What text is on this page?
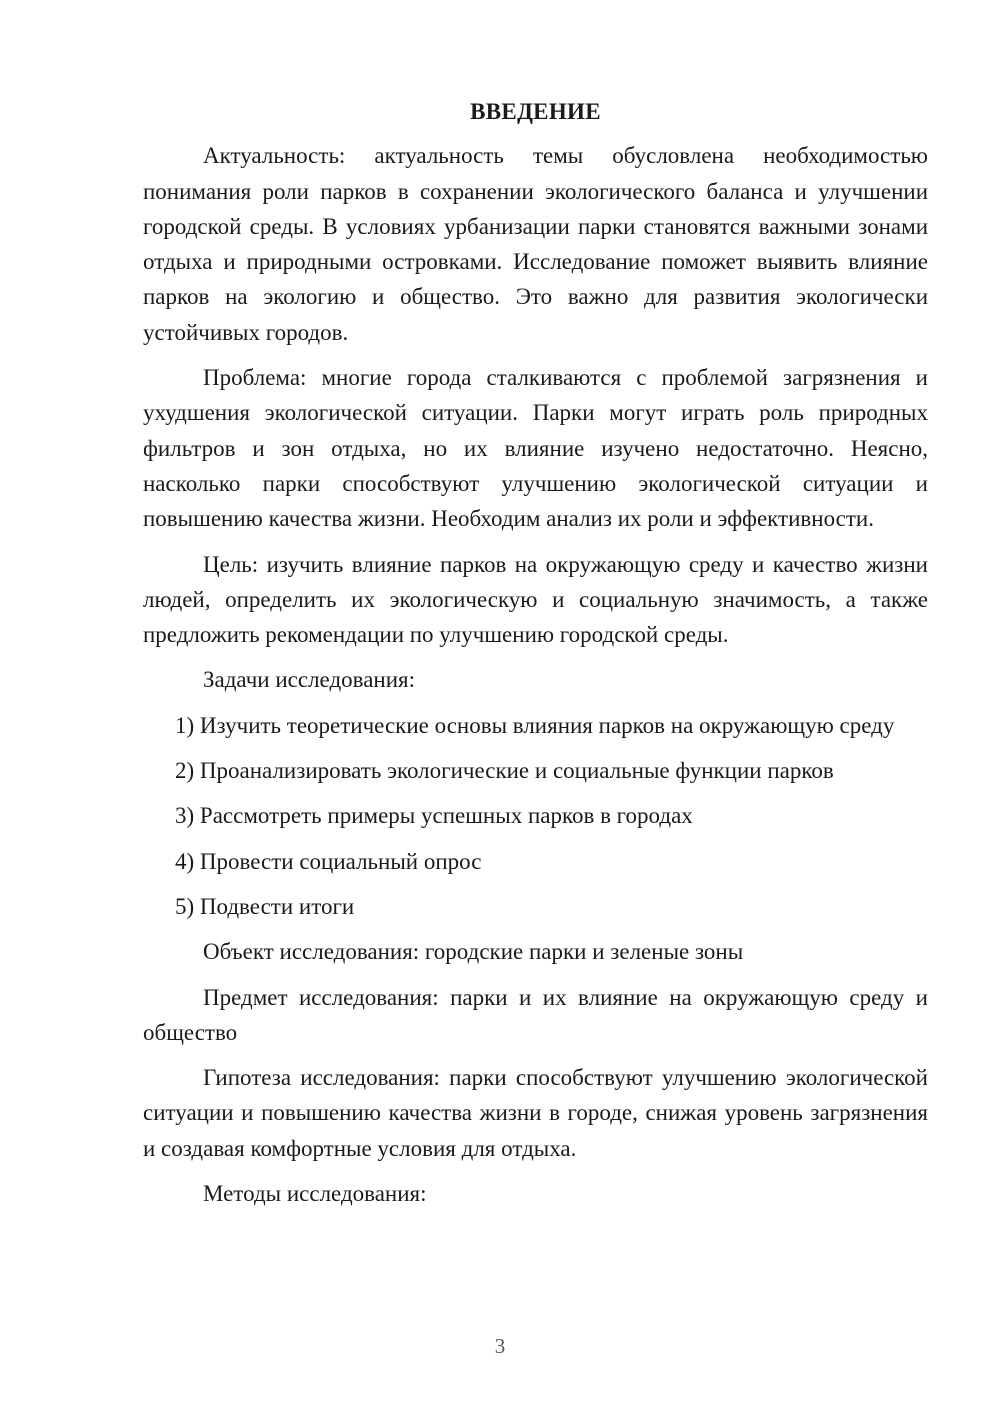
ВВЕДЕНИЕ

Актуальность: актуальность темы обусловлена необходимостью понимания роли парков в сохранении экологического баланса и улучшении городской среды. В условиях урбанизации парки становятся важными зонами отдыха и природными островками. Исследование поможет выявить влияние парков на экологию и общество. Это важно для развития экологически устойчивых городов.

Проблема: многие города сталкиваются с проблемой загрязнения и ухудшения экологической ситуации. Парки могут играть роль природных фильтров и зон отдыха, но их влияние изучено недостаточно. Неясно, насколько парки способствуют улучшению экологической ситуации и повышению качества жизни. Необходим анализ их роли и эффективности.

Цель: изучить влияние парков на окружающую среду и качество жизни людей, определить их экологическую и социальную значимость, а также предложить рекомендации по улучшению городской среды.

Задачи исследования:

1) Изучить теоретические основы влияния парков на окружающую среду

2) Проанализировать экологические и социальные функции парков

3) Рассмотреть примеры успешных парков в городах

4) Провести социальный опрос

5) Подвести итоги

Объект исследования: городские парки и зеленые зоны

Предмет исследования: парки и их влияние на окружающую среду и общество

Гипотеза исследования: парки способствуют улучшению экологической ситуации и повышению качества жизни в городе, снижая уровень загрязнения и создавая комфортные условия для отдыха.

Методы исследования:

3
